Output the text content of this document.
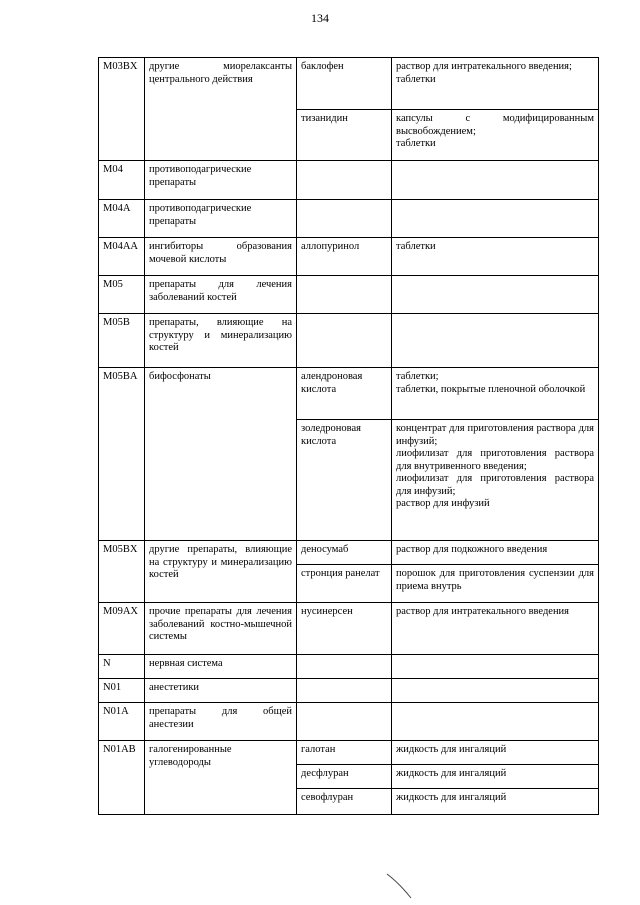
134
M03BX	другие миорелаксанты центрального действия	баклофен	раствор для интратекального введения;
таблетки

		тизанидин	капсулы с модифицированным высвобождением;
таблетки

M04	противоподагрические препараты		
M04A	противоподагрические препараты		
M04AA	ингибиторы образования мочевой кислоты	аллопуринол	таблетки

M05	препараты для лечения заболеваний костей		
M05B	препараты, влияющие на структуру и минерализацию костей		
M05BA	бифосфонаты	алендроновая кислота	таблетки;
таблетки, покрытые пленочной оболочкой

		золедроновая кислота	концентрат для приготовления раствора для инфузий;
лиофилизат для приготовления раствора для внутривенного введения;
лиофилизат для приготовления раствора для инфузий;
раствор для инфузий

M05BX	другие препараты, влияющие на структуру и минерализацию костей	деносумаб	раствор для подкожного введения

		стронция ранелат	порошок для приготовления суспензии для приема внутрь

M09AX	прочие препараты для лечения заболеваний костно-мышечной системы	нусинерсен	раствор для интратекального введения

N	нервная система		
N01	анестетики		
N01A	препараты для общей анестезии		
N01AB	галогенированные углеводороды	галотан	жидкость для ингаляций

		десфлуран	жидкость для ингаляций

		севофлуран	жидкость для ингаляций
